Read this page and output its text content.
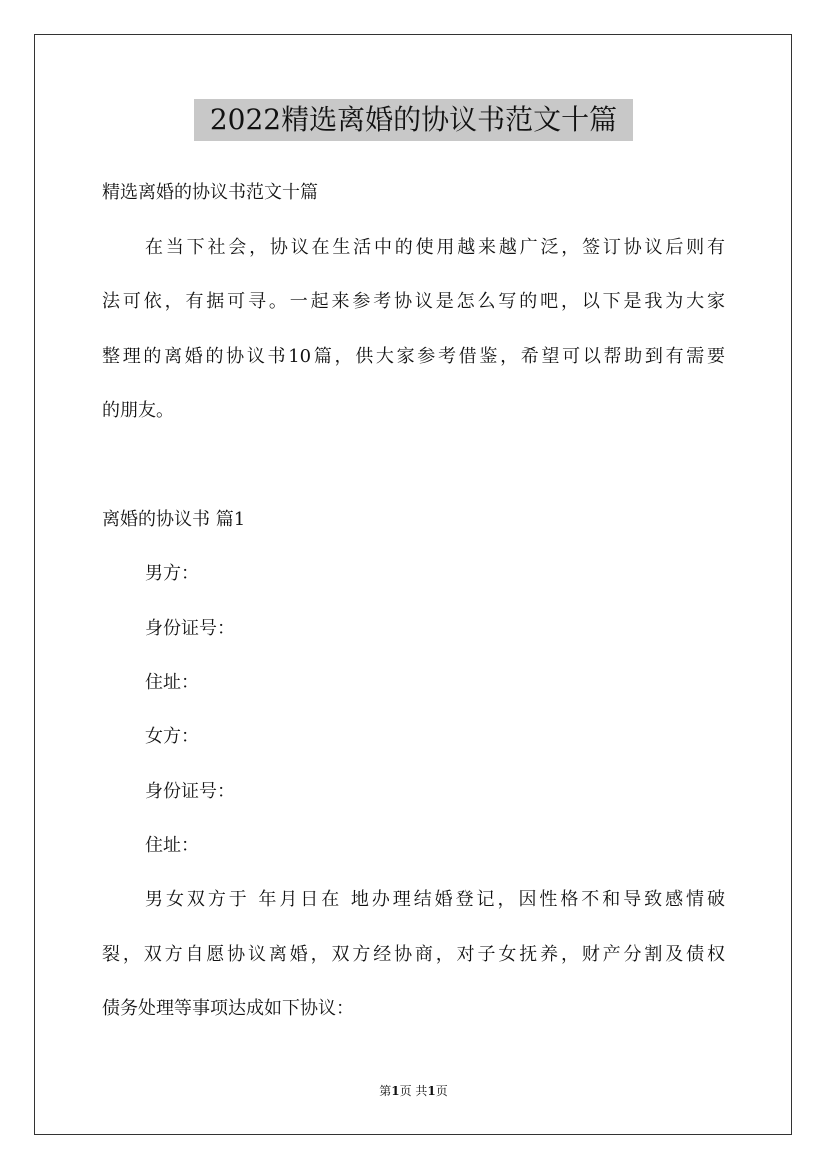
2022精选离婚的协议书范文十篇
精选离婚的协议书范文十篇
在当下社会，协议在生活中的使用越来越广泛，签订协议后则有
法可依，有据可寻。一起来参考协议是怎么写的吧，以下是我为大家
整理的离婚的协议书10篇，供大家参考借鉴，希望可以帮助到有需要
的朋友。
离婚的协议书 篇1
男方：
身份证号：
住址：
女方：
身份证号：
住址：
男女双方于 年月日在 地办理结婚登记，因性格不和导致感情破
裂，双方自愿协议离婚，双方经协商，对子女抚养，财产分割及债权
债务处理等事项达成如下协议：
第1页 共1页
